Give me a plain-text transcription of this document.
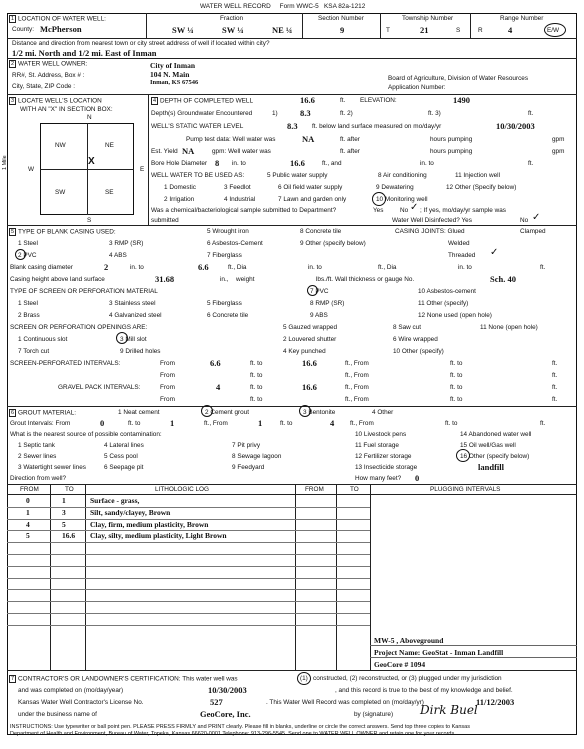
WATER WELL RECORD Form WWC-5 KSA 82a-1212
1 LOCATION OF WATER WELL:
County: McPherson
Fraction
SW ¼	SW ¼	NE ¼
Section Number
9
Township Number
T	21	S
Range Number
R	4	E/W
Distance and direction from nearest town or city street address of well if located within city?
1/2 mi. North and 1/2 mi. East of Inman
2 WATER WELL OWNER:	City of Inman
RR#, St. Address, Box # :	104 N. Main
City, State, ZIP Code :
Inman, KS 67546
Board of Agriculture, Division of Water Resources
Application Number:
3 LOCATE WELL'S LOCATION
WITH AN "X" IN SECTION BOX:
N
S
W	E
1 Mile
NW	NE
SW	SE
X
4 DEPTH OF COMPLETED WELL	16.6	ft. ELEVATION:	1490
Depth(s) Groundwater Encountered	1)	8.3	ft. 2)	ft. 3)	ft.
WELL'S STATIC WATER LEVEL	8.3 ft. below land surface measured on mo/day/yr	10/30/2003
Pump test data: Well water was	NA	ft. after	hours pumping	gpm
Est. Yield NA	gpm: Well water was	ft. after	hours pumping	gpm
Bore Hole Diameter 8 in. to	16.6	ft., and	in. to	ft.
WELL WATER TO BE USED AS:	5 Public water supply	8 Air conditioning	11 Injection well
1 Domestic	3 Feedlot	6 Oil field water supply	9 Dewatering	12 Other (Specify below)
2 Irrigation	4 Industrial	7 Lawn and garden only	10 Monitoring well
Was a chemical/bacteriological sample submitted to Department?	Yes	No ✓ ; If yes, mo/day/yr sample was
submitted	Water Well Disinfected? Yes	No ✓
5 TYPE OF BLANK CASING USED:	5 Wrought iron	8 Concrete tile	CASING JOINTS: Glued	Clamped
1 Steel	3 RMP (SR)	6 Asbestos-Cement	9 Other (specify below)	Welded
2 PVC	4 ABS	7 Fiberglass	Threaded ✓
Blank casing diameter	2	in. to	6.6	ft., Dia	in. to	ft., Dia	in. to	ft.
Casing height above land surface	31.68	in., weight	lbs./ft. Wall thickness or gauge No.	Sch. 40
TYPE OF SCREEN OR PERFORATION MATERIAL	7 PVC	10 Asbestos-cement
1 Steel	3 Stainless steel	5 Fiberglass	8 RMP (SR)	11 Other (specify)
2 Brass	4 Galvanized steel	6 Concrete tile	9 ABS	12 None used (open hole)
SCREEN OR PERFORATION OPENINGS ARE:	5 Gauzed wrapped	8 Saw cut	11 None (open hole)
1 Continuous slot	3 Mill slot	2 Louvered shutter	6 Wire wrapped
7 Torch cut	9 Drilled holes	4 Key punched	10 Other (specify)
SCREEN-PERFORATED INTERVALS:	From	6.6	ft. to	16.6	ft., From	ft. to	ft.
From	ft. to	ft., From	ft. to	ft.
GRAVEL PACK INTERVALS:	From	4	ft. to	16.6	ft., From	ft. to	ft.
From	ft. to	ft., From	ft. to	ft.
6 GROUT MATERIAL:	1 Neat cement	2 Cement grout	3 Bentonite	4 Other
Grout Intervals: From	0	ft. to	1	ft., From	1	ft. to	4 ft., From	ft. to	ft.
What is the nearest source of possible contamination:	10 Livestock pens	14 Abandoned water well
1 Septic tank	4 Lateral lines	7 Pit privy	11 Fuel storage	15 Oil well/Gas well
2 Sewer lines	5 Cess pool	8 Sewage lagoon	12 Fertilizer storage	16 Other (specify below)
3 Watertight sewer lines	6 Seepage pit	9 Feedyard	13 Insecticide storage	landfill
Direction from well?	How many feet? 0
FROM	TO	LITHOLOGIC LOG	FROM	TO	PLUGGING INTERVALS
0	1	Surface - grass,
1	3	Silt, sandy/clayey, Brown
4	5	Clay, firm, medium plasticity, Brown
5	16.6 Clay, silty, medium plasticity, Light Brown
MW-5 , Aboveground
Project Name: GeoStat - Inman Landfill
GeoCore # 1094
7 CONTRACTOR'S OR LANDOWNER'S CERTIFICATION: This water well was	(1) constructed, (2) reconstructed, or (3) plugged under my jurisdiction
and was completed on (mo/day/year)	10/30/2003	, and this record is true to the best of my knowledge and belief.
Kansas Water Well Contractor's License No.	527	. This Water Well Record was completed on (mo/day/yr)	11/12/2003
under the business name of	GeoCore, Inc.	by (signature) Dirk Buel
INSTRUCTIONS: Use typewriter or ball point pen. PLEASE PRESS FIRMLY and PRINT clearly. Please fill in blanks, underline or circle the correct answers. Send top three copies to Kansas
Department of Health and Environment, Bureau of Water, Topeka, Kansas 66620-0001 Telephone: 913-296-5545. Send one to WATER WELL OWNER and retain one for your records.
